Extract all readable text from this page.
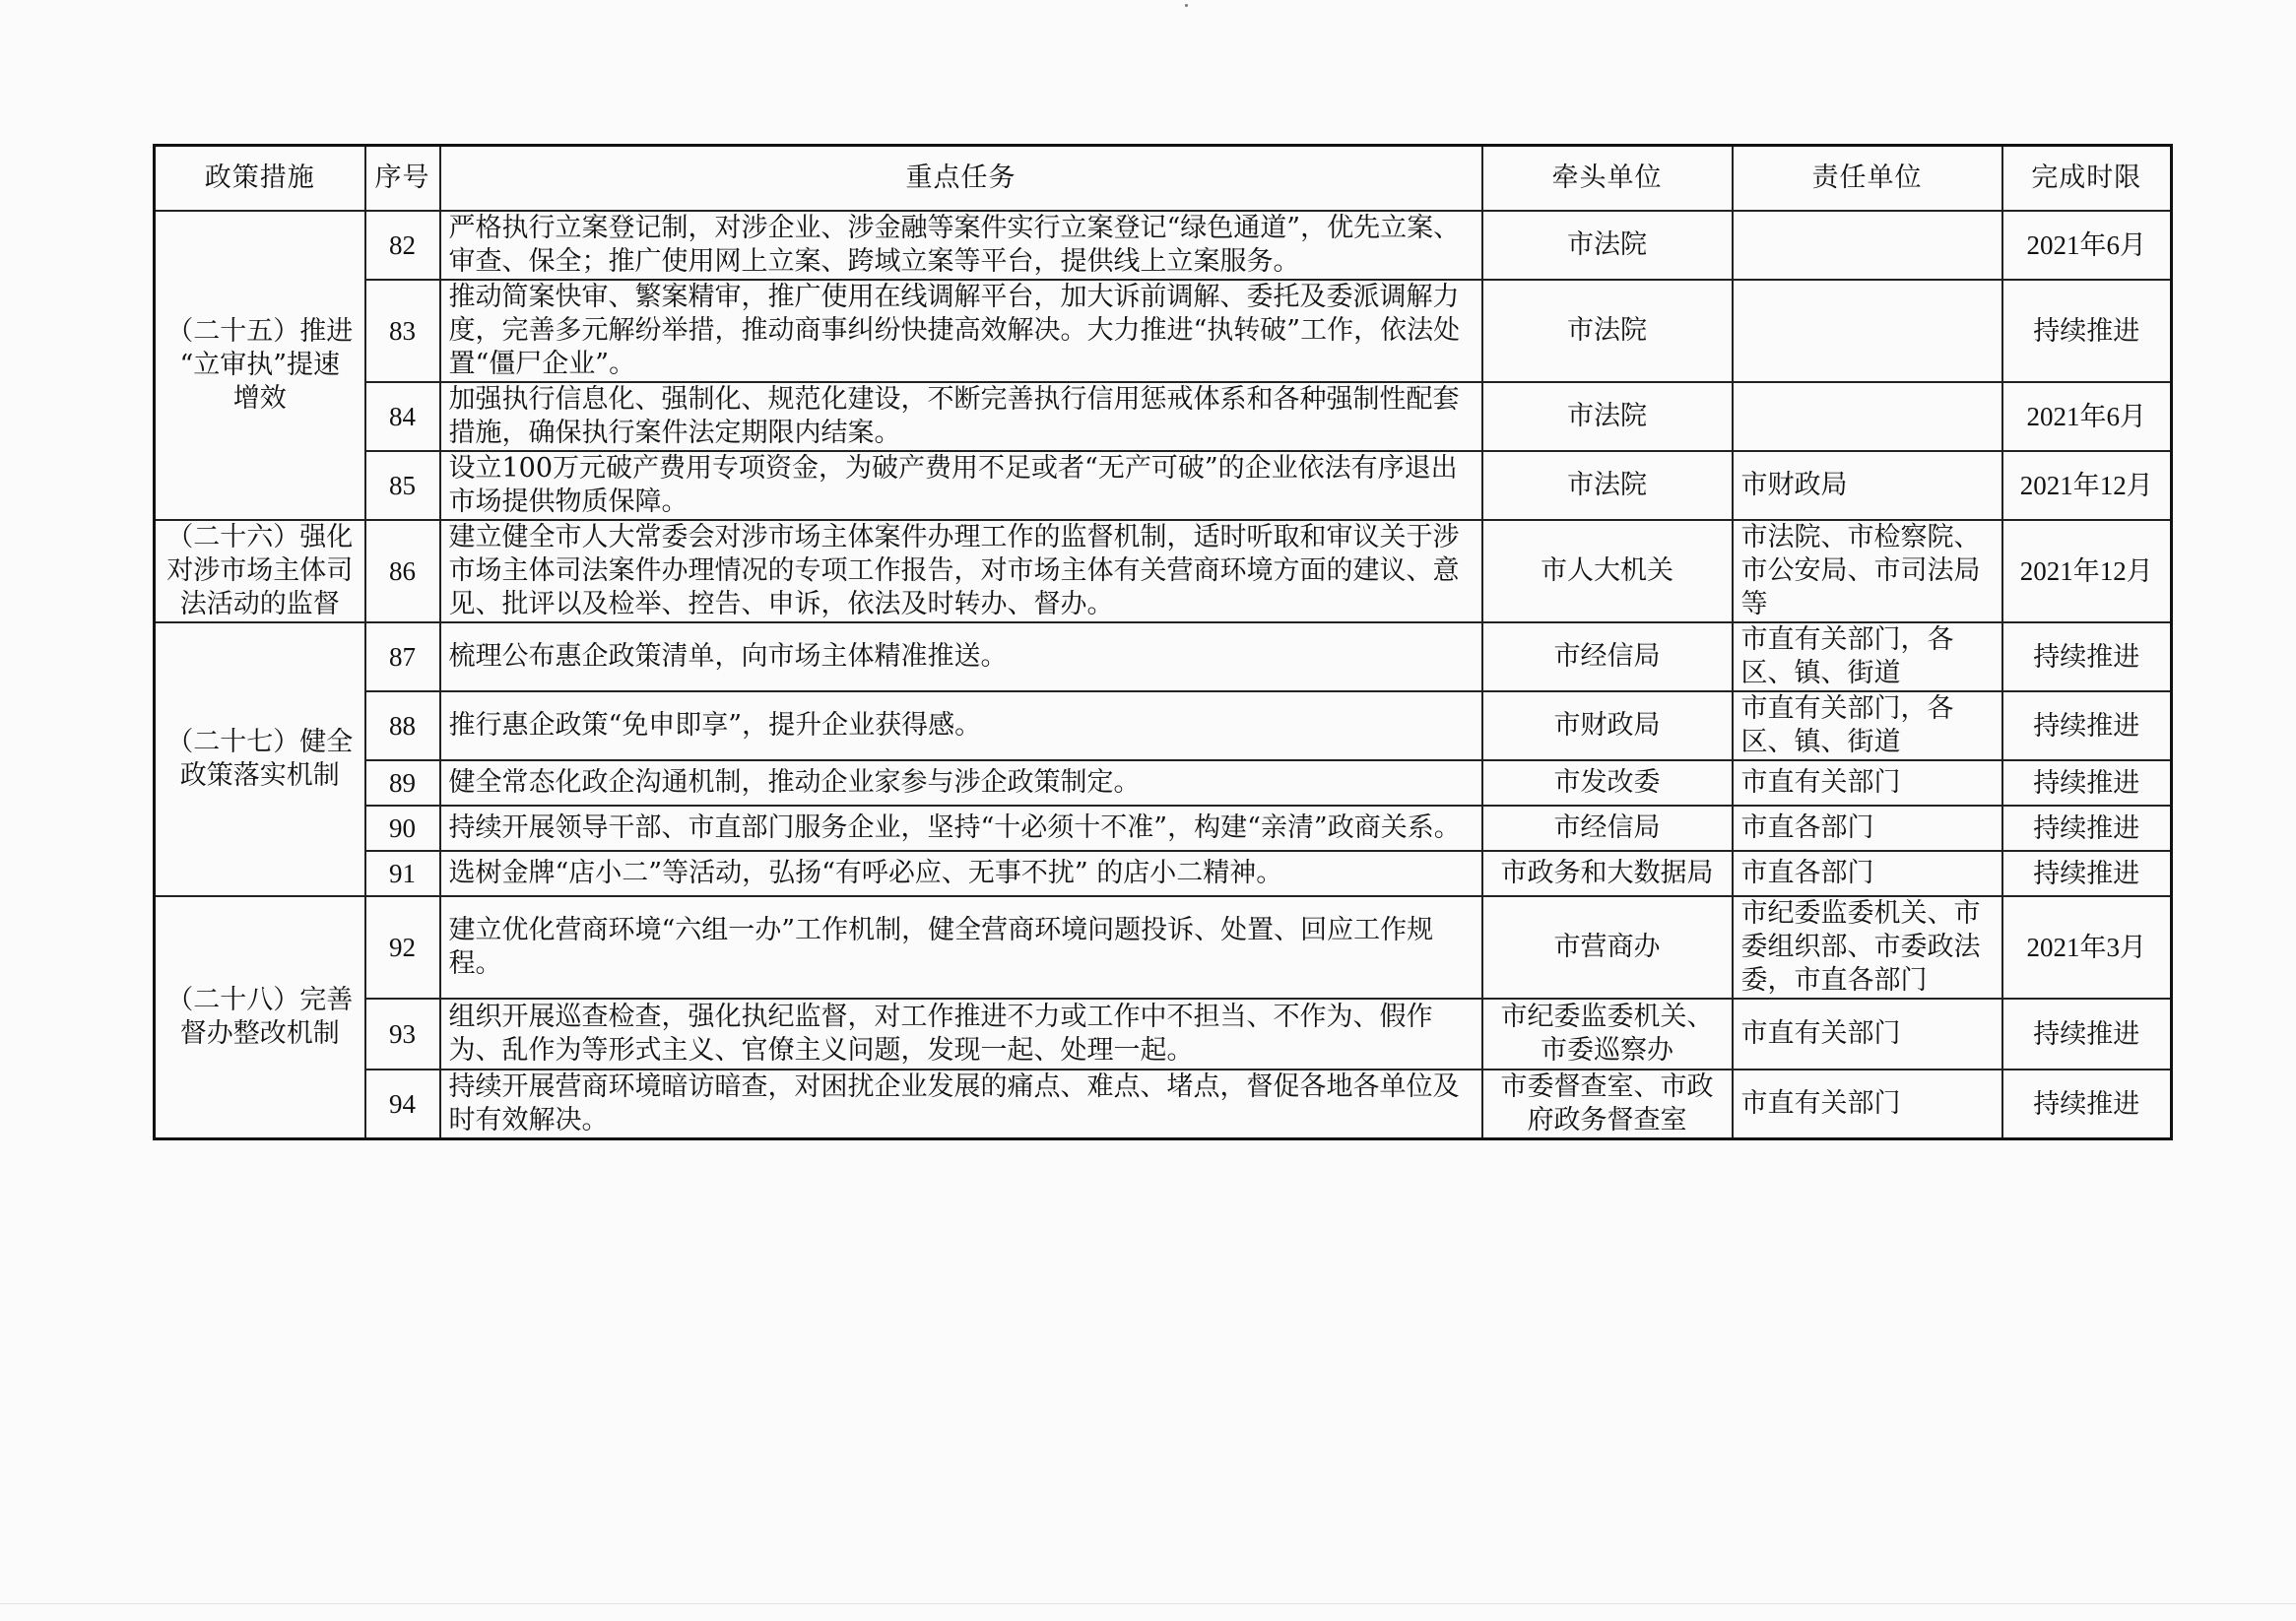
政策措施	序号	重点任务	牵头单位	责任单位	完成时限
（二十五）推进
“立审执”提速
增效	82	严格执行立案登记制，对涉企业、涉金融等案件实行立案登记“绿色通道”，优先立案、审查、保全；推广使用网上立案、跨域立案等平台，提供线上立案服务。	市法院		2021年6月
	83	推动简案快审、繁案精审，推广使用在线调解平台，加大诉前调解、委托及委派调解力度，完善多元解纷举措，推动商事纠纷快捷高效解决。大力推进“执转破”工作，依法处置“僵尸企业”。	市法院		持续推进
	84	加强执行信息化、强制化、规范化建设，不断完善执行信用惩戒体系和各种强制性配套措施，确保执行案件法定期限内结案。	市法院		2021年6月
	85	设立100万元破产费用专项资金，为破产费用不足或者“无产可破”的企业依法有序退出市场提供物质保障。	市法院	市财政局	2021年12月
（二十六）强化
对涉市场主体司
法活动的监督	86	建立健全市人大常委会对涉市场主体案件办理工作的监督机制，适时听取和审议关于涉市场主体司法案件办理情况的专项工作报告，对市场主体有关营商环境方面的建议、意见、批评以及检举、控告、申诉，依法及时转办、督办。	市人大机关	市法院、市检察院、市公安局、市司法局等	2021年12月
（二十七）健全
政策落实机制	87	梳理公布惠企政策清单，向市场主体精准推送。	市经信局	市直有关部门，各区、镇、街道	持续推进
	88	推行惠企政策“免申即享”，提升企业获得感。	市财政局	市直有关部门，各区、镇、街道	持续推进
	89	健全常态化政企沟通机制，推动企业家参与涉企政策制定。	市发改委	市直有关部门	持续推进
	90	持续开展领导干部、市直部门服务企业，坚持“十必须十不准”，构建“亲清”政商关系。	市经信局	市直各部门	持续推进
	91	选树金牌“店小二”等活动，弘扬“有呼必应、无事不扰” 的店小二精神。	市政务和大数据局	市直各部门	持续推进
（二十八）完善
督办整改机制	92	建立优化营商环境“六组一办”工作机制，健全营商环境问题投诉、处置、回应工作规程。	市营商办	市纪委监委机关、市委组织部、市委政法委，市直各部门	2021年3月
	93	组织开展巡查检查，强化执纪监督，对工作推进不力或工作中不担当、不作为、假作为、乱作为等形式主义、官僚主义问题，发现一起、处理一起。	市纪委监委机关、市委巡察办	市直有关部门	持续推进
	94	持续开展营商环境暗访暗查，对困扰企业发展的痛点、难点、堵点，督促各地各单位及时有效解决。	市委督查室、市政府政务督查室	市直有关部门	持续推进
